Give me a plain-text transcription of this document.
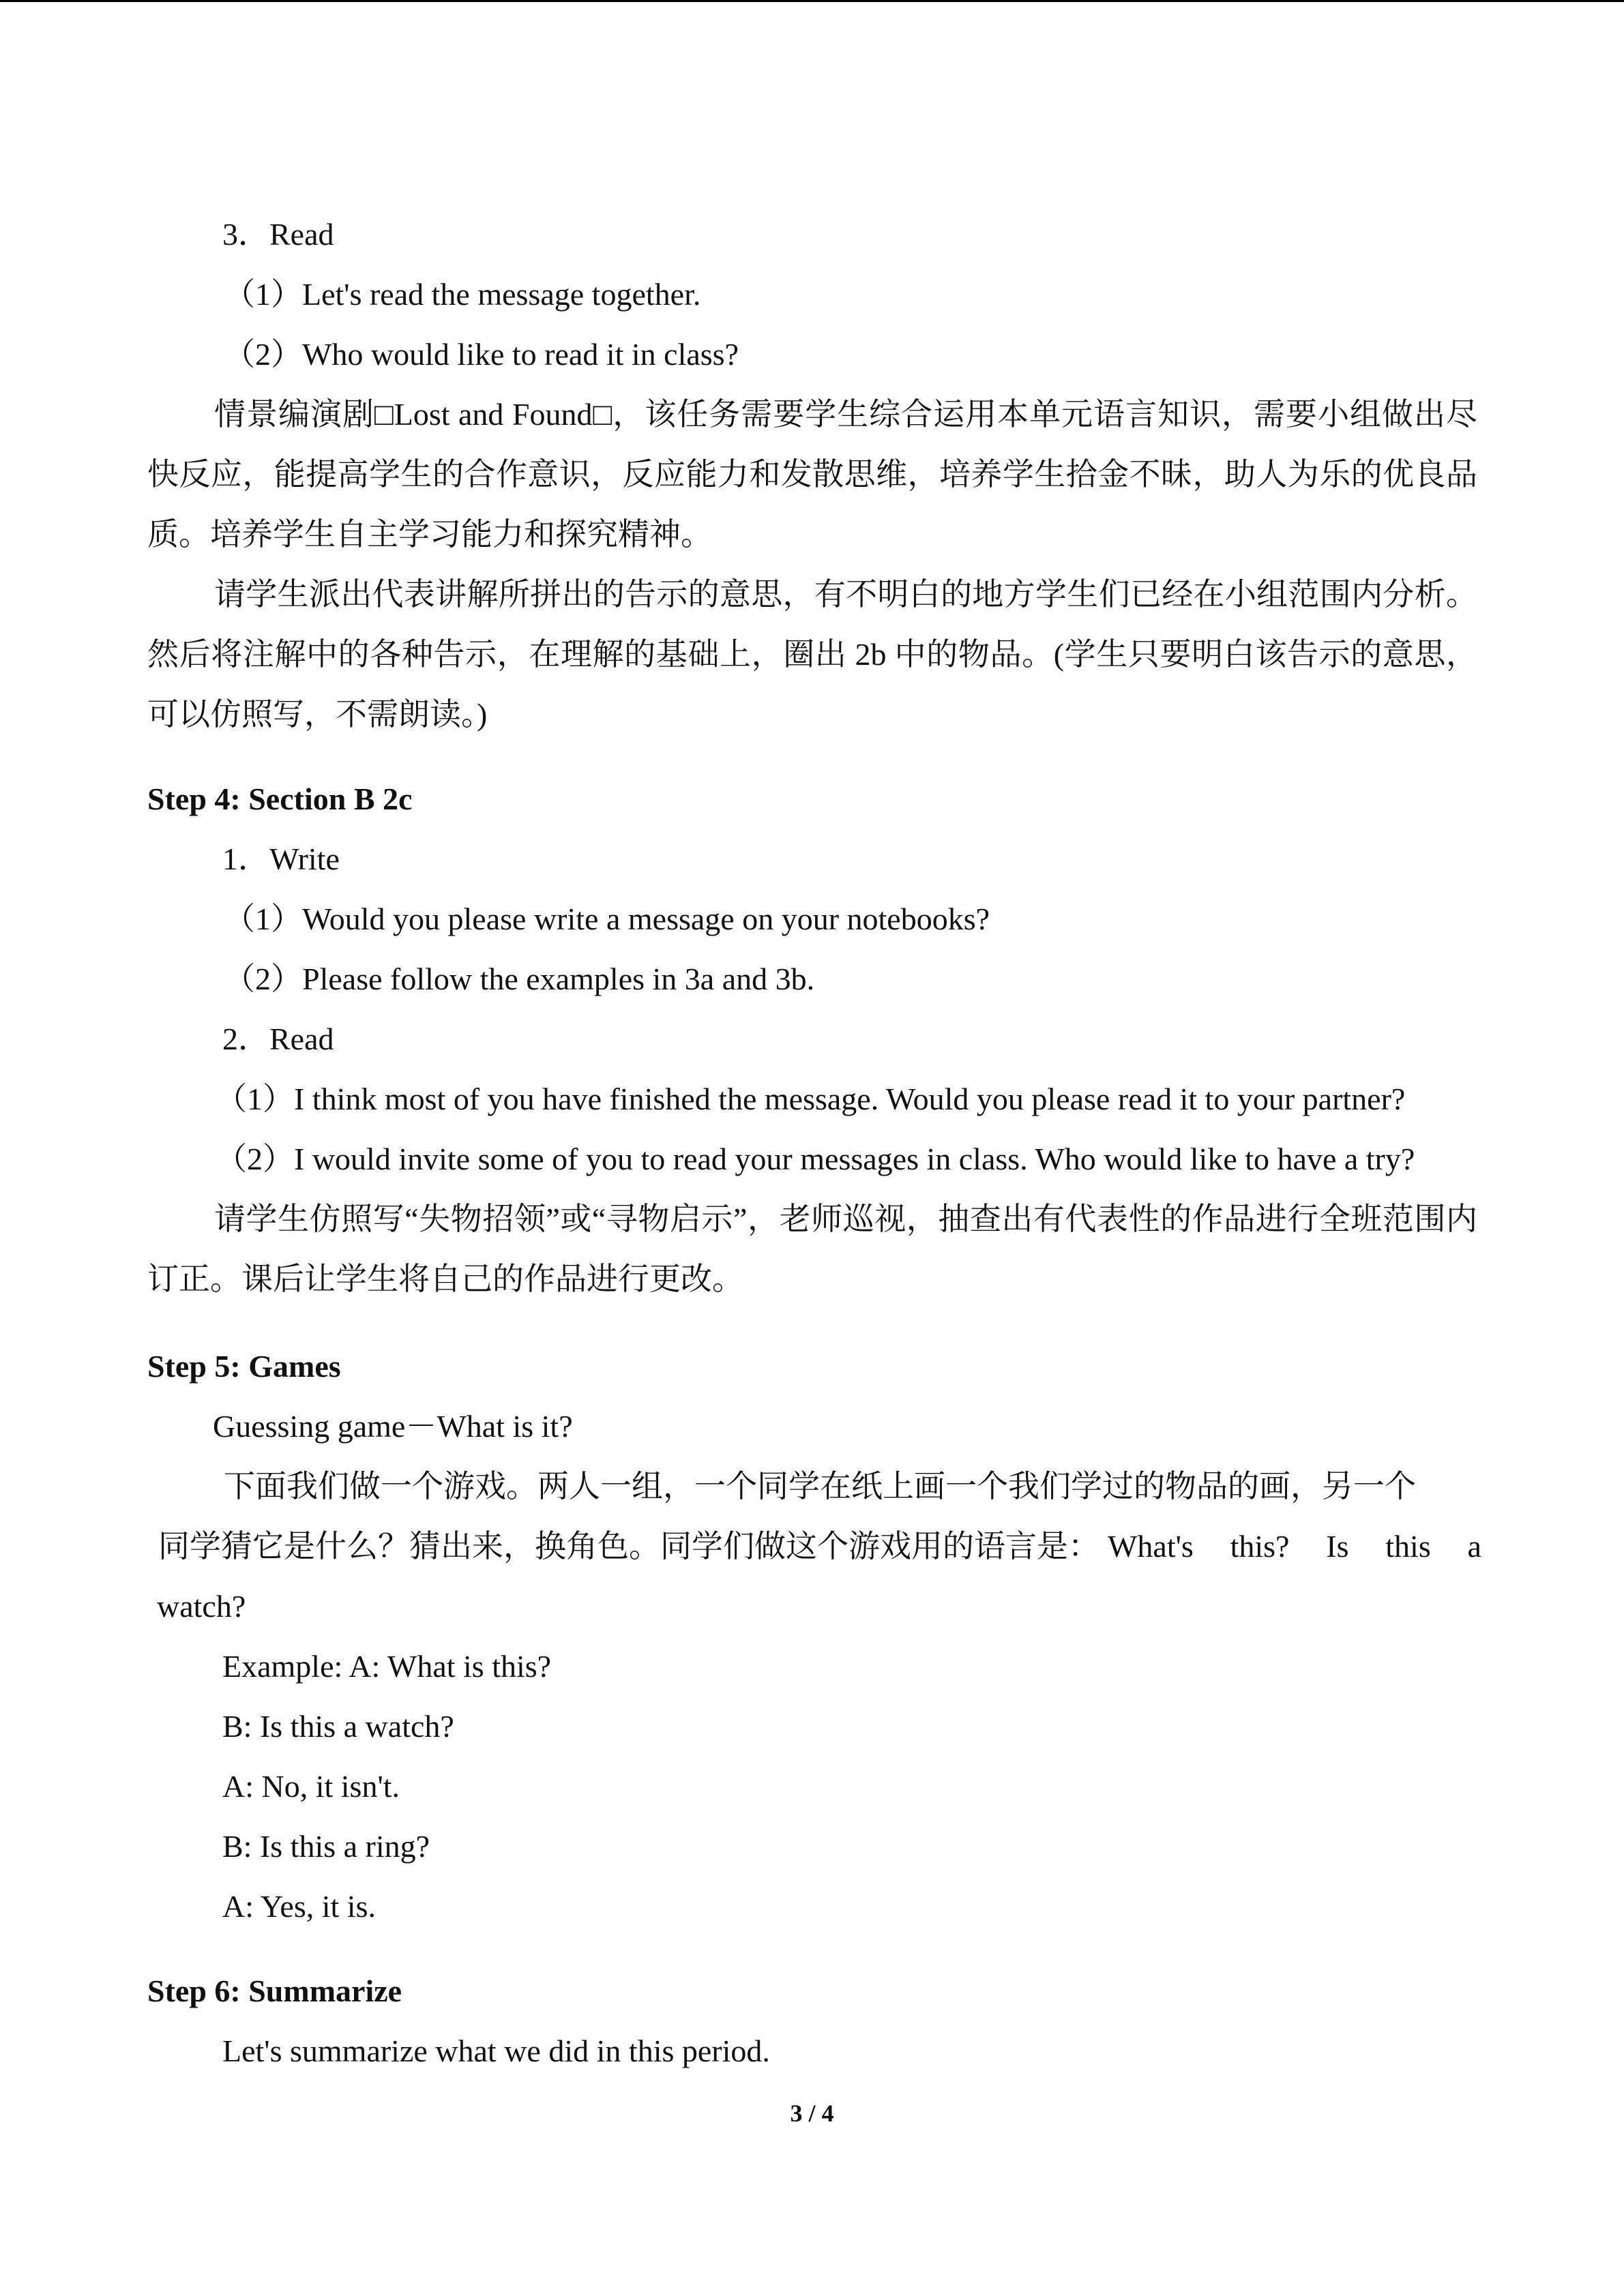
3．Read
（1）Let's read the message together.
（2）Who would like to read it in class?
情景编演剧□Lost and Found□，该任务需要学生综合运用本单元语言知识，需要小组做出尽快反应，能提高学生的合作意识，反应能力和发散思维，培养学生拾金不昧，助人为乐的优良品质。培养学生自主学习能力和探究精神。
请学生派出代表讲解所拼出的告示的意思，有不明白的地方学生们已经在小组范围内分析。然后将注解中的各种告示，在理解的基础上，圈出 2b 中的物品。(学生只要明白该告示的意思，可以仿照写，不需朗读。)
Step 4: Section B 2c
1．Write
（1）Would you please write a message on your notebooks?
（2）Please follow the examples in 3a and 3b.
2．Read
（1）I think most of you have finished the message. Would you please read it to your partner?
（2）I would invite some of you to read your messages in class. Who would like to have a try?
请学生仿照写“失物招领”或“寻物启示”，老师巡视，抽查出有代表性的作品进行全班范围内订正。课后让学生将自己的作品进行更改。
Step 5: Games
Guessing game－What is it?
下面我们做一个游戏。两人一组，一个同学在纸上画一个我们学过的物品的画，另一个
同学猜它是什么？猜出来，换角色。同学们做这个游戏用的语言是： What's this? Is this a
watch?
Example: A: What is this?
B: Is this a watch?
A: No, it isn't.
B: Is this a ring?
A: Yes, it is.
Step 6: Summarize
Let's summarize what we did in this period.
3 / 4
